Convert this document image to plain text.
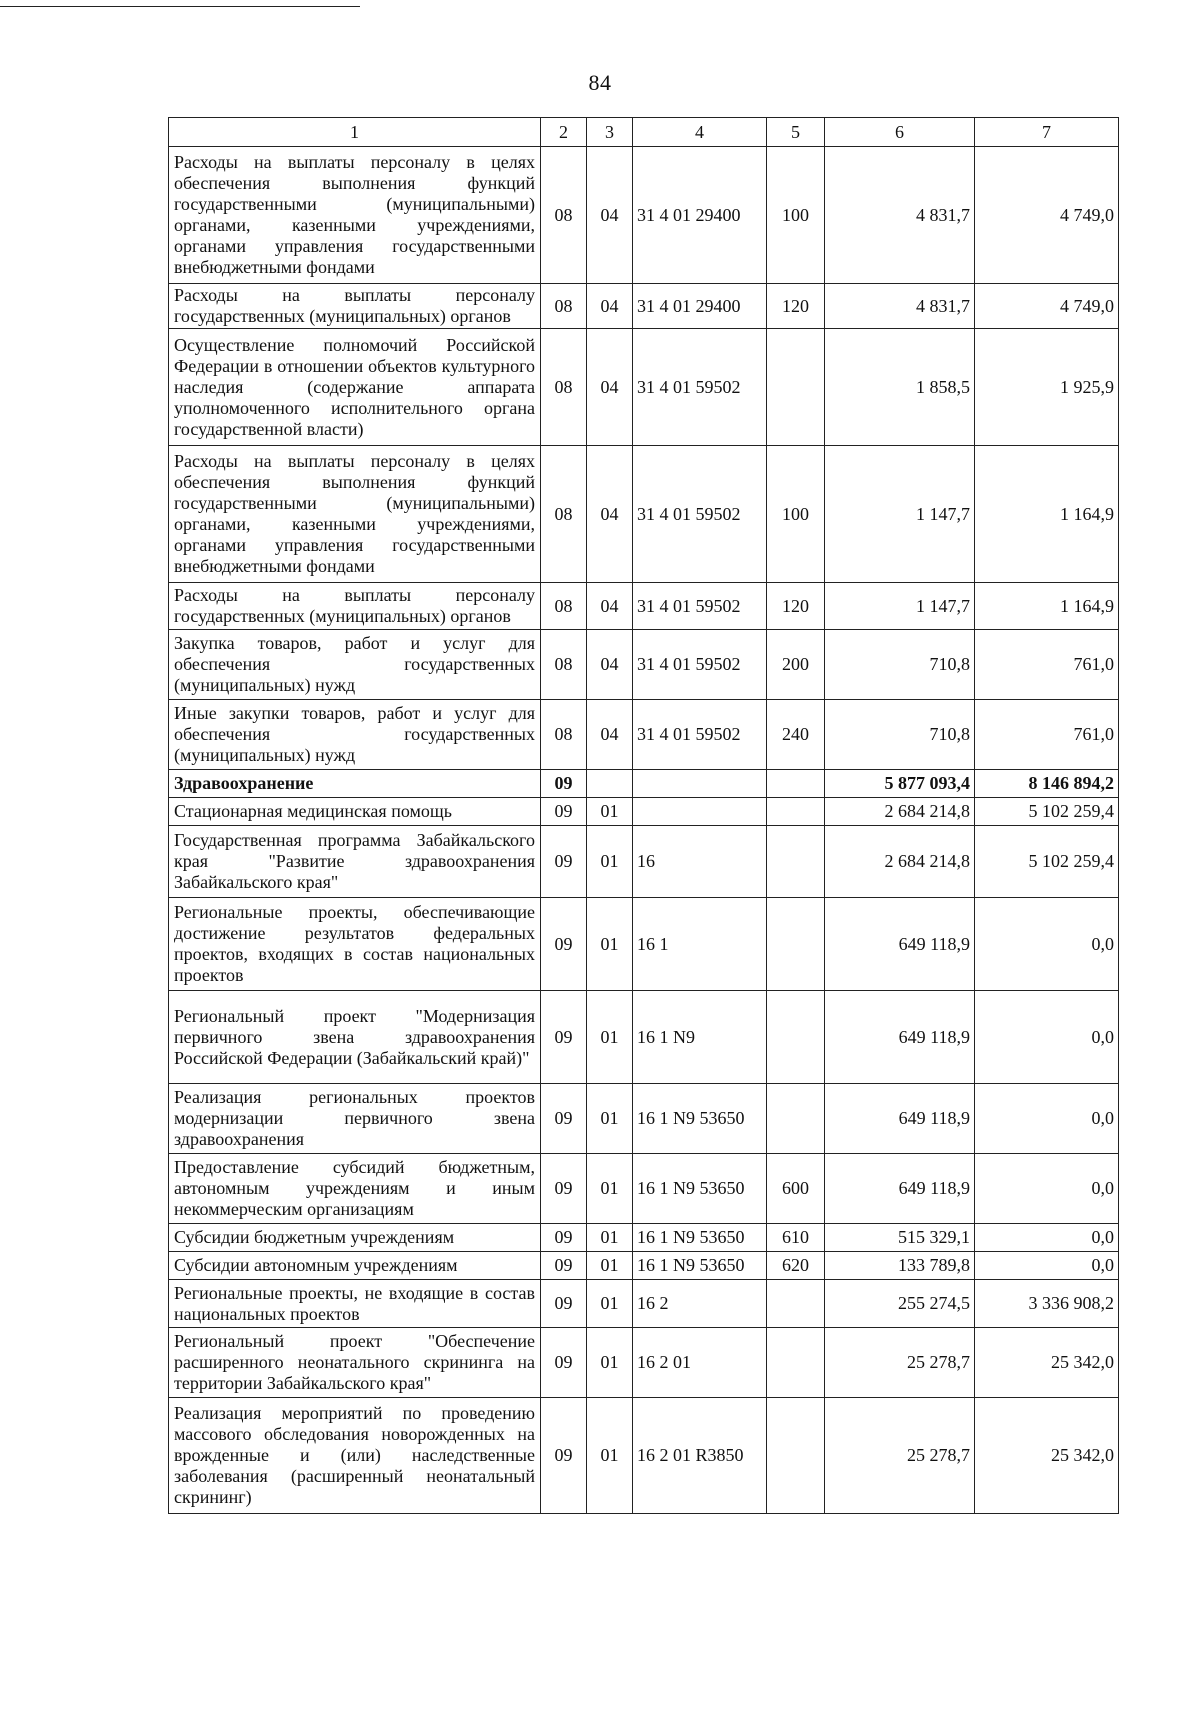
84
1	2	3	4	5	6	7
Расходы на выплаты персоналу в целях обеспечения выполнения функций государственными (муниципальными) органами, казенными учреждениями, органами управления государственными внебюджетными фондами	08	04	31 4 01 29400	100	4 831,7	4 749,0
Расходы на выплаты персоналу государственных (муниципальных) органов	08	04	31 4 01 29400	120	4 831,7	4 749,0
Осуществление полномочий Российской Федерации в отношении объектов культурного наследия (содержание аппарата уполномоченного исполнительного органа государственной власти)	08	04	31 4 01 59502		1 858,5	1 925,9
Расходы на выплаты персоналу в целях обеспечения выполнения функций государственными (муниципальными) органами, казенными учреждениями, органами управления государственными внебюджетными фондами	08	04	31 4 01 59502	100	1 147,7	1 164,9
Расходы на выплаты персоналу государственных (муниципальных) органов	08	04	31 4 01 59502	120	1 147,7	1 164,9
Закупка товаров, работ и услуг для обеспечения государственных (муниципальных) нужд	08	04	31 4 01 59502	200	710,8	761,0
Иные закупки товаров, работ и услуг для обеспечения государственных (муниципальных) нужд	08	04	31 4 01 59502	240	710,8	761,0
Здравоохранение	09				5 877 093,4	8 146 894,2
Стационарная медицинская помощь	09	01			2 684 214,8	5 102 259,4
Государственная программа Забайкальского края "Развитие здравоохранения Забайкальского края"	09	01	16		2 684 214,8	5 102 259,4
Региональные проекты, обеспечивающие достижение результатов федеральных проектов, входящих в состав национальных проектов	09	01	16 1		649 118,9	0,0
Региональный проект "Модернизация первичного звена здравоохранения Российской Федерации (Забайкальский край)"	09	01	16 1 N9		649 118,9	0,0
Реализация региональных проектов модернизации первичного звена здравоохранения	09	01	16 1 N9 53650		649 118,9	0,0
Предоставление субсидий бюджетным, автономным учреждениям и иным некоммерческим организациям	09	01	16 1 N9 53650	600	649 118,9	0,0
Субсидии бюджетным учреждениям	09	01	16 1 N9 53650	610	515 329,1	0,0
Субсидии автономным учреждениям	09	01	16 1 N9 53650	620	133 789,8	0,0
Региональные проекты, не входящие в состав национальных проектов	09	01	16 2		255 274,5	3 336 908,2
Региональный проект "Обеспечение расширенного неонатального скрининга на территории Забайкальского края"	09	01	16 2 01		25 278,7	25 342,0
Реализация мероприятий по проведению массового обследования новорожденных на врожденные и (или) наследственные заболевания (расширенный неонатальный скрининг)	09	01	16 2 01 R3850		25 278,7	25 342,0
